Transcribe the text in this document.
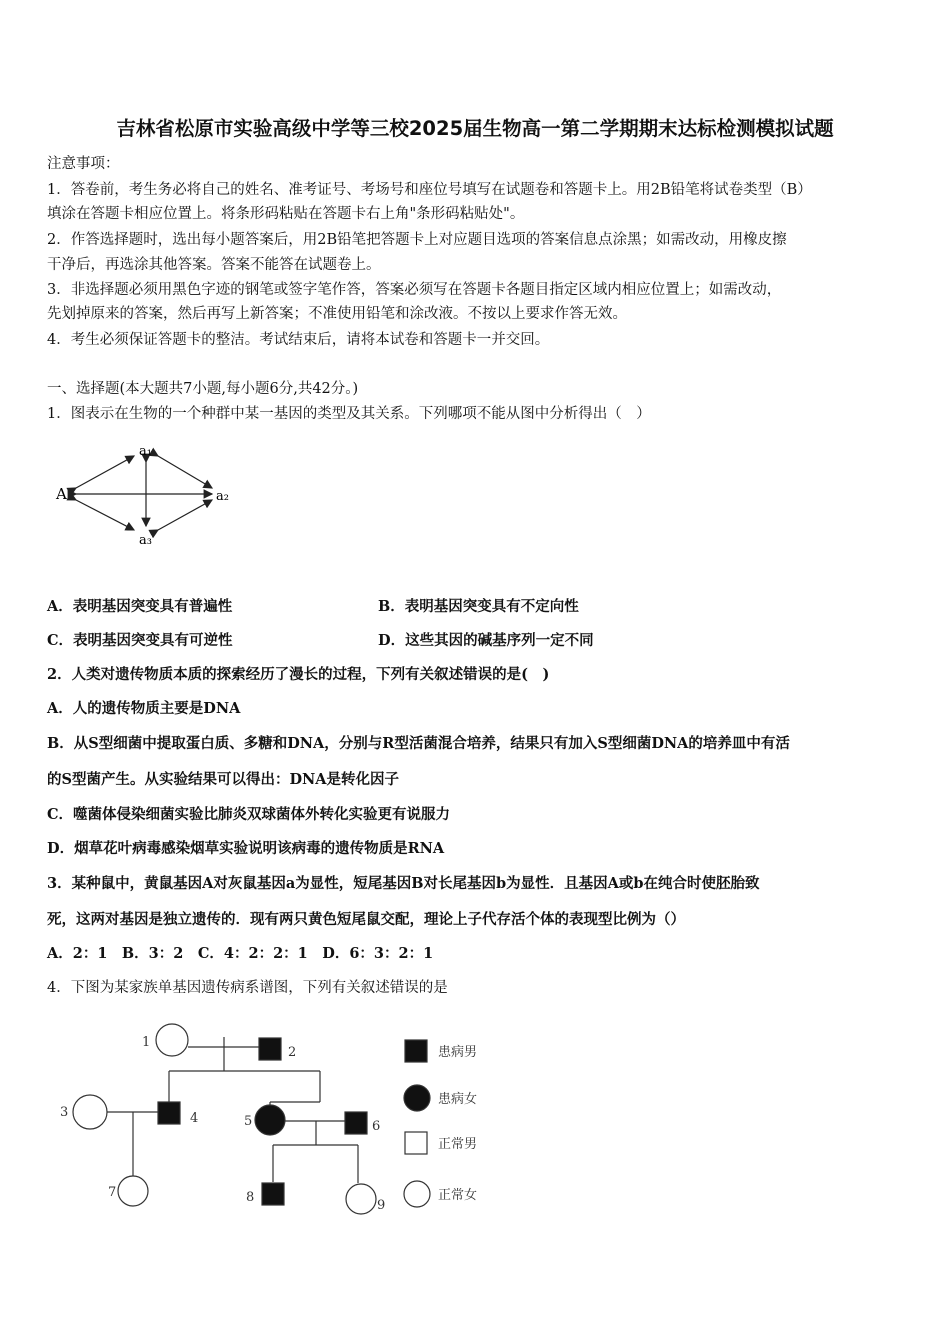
吉林省松原市实验高级中学等三校2025届生物高一第二学期期末达标检测模拟试题
注意事项：
1．答卷前，考生务必将自己的姓名、准考证号、考场号和座位号填写在试题卷和答题卡上。用2B铅笔将试卷类型（B）
填涂在答题卡相应位置上。将条形码粘贴在答题卡右上角"条形码粘贴处"。
2．作答选择题时，选出每小题答案后，用2B铅笔把答题卡上对应题目选项的答案信息点涂黑；如需改动，用橡皮擦
干净后，再选涂其他答案。答案不能答在试题卷上。
3．非选择题必须用黑色字迹的钢笔或签字笔作答，答案必须写在答题卡各题目指定区域内相应位置上；如需改动，
先划掉原来的答案，然后再写上新答案；不准使用铅笔和涂改液。不按以上要求作答无效。
4．考生必须保证答题卡的整洁。考试结束后，请将本试卷和答题卡一并交回。
一、选择题(本大题共7小题,每小题6分,共42分。)
1．图表示在生物的一个种群中某一基因的类型及其关系。下列哪项不能从图中分析得出（　）
A
a₁
a₂
a₃
A．表明基因突变具有普遍性	B．表明基因突变具有不定向性
C．表明基因突变具有可逆性	D．这些其因的碱基序列一定不同
2．人类对遗传物质本质的探索经历了漫长的过程，下列有关叙述错误的是(　)
A．人的遗传物质主要是DNA
B．从S型细菌中提取蛋白质、多糖和DNA，分别与R型活菌混合培养，结果只有加入S型细菌DNA的培养皿中有活
的S型菌产生。从实验结果可以得出：DNA是转化因子
C．噬菌体侵染细菌实验比肺炎双球菌体外转化实验更有说服力
D．烟草花叶病毒感染烟草实验说明该病毒的遗传物质是RNA
3．某种鼠中，黄鼠基因A对灰鼠基因a为显性，短尾基因B对长尾基因b为显性．且基因A或b在纯合时使胚胎致
死，这两对基因是独立遗传的．现有两只黄色短尾鼠交配，理论上子代存活个体的表现型比例为（）
A．2：1　B．3：2　C．4：2：2：1　D．6：3：2：1
4．下图为某家族单基因遗传病系谱图，下列有关叙述错误的是
1
2
3	4	5	6
7	8
9
患病男
患病女
正常男
正常女
